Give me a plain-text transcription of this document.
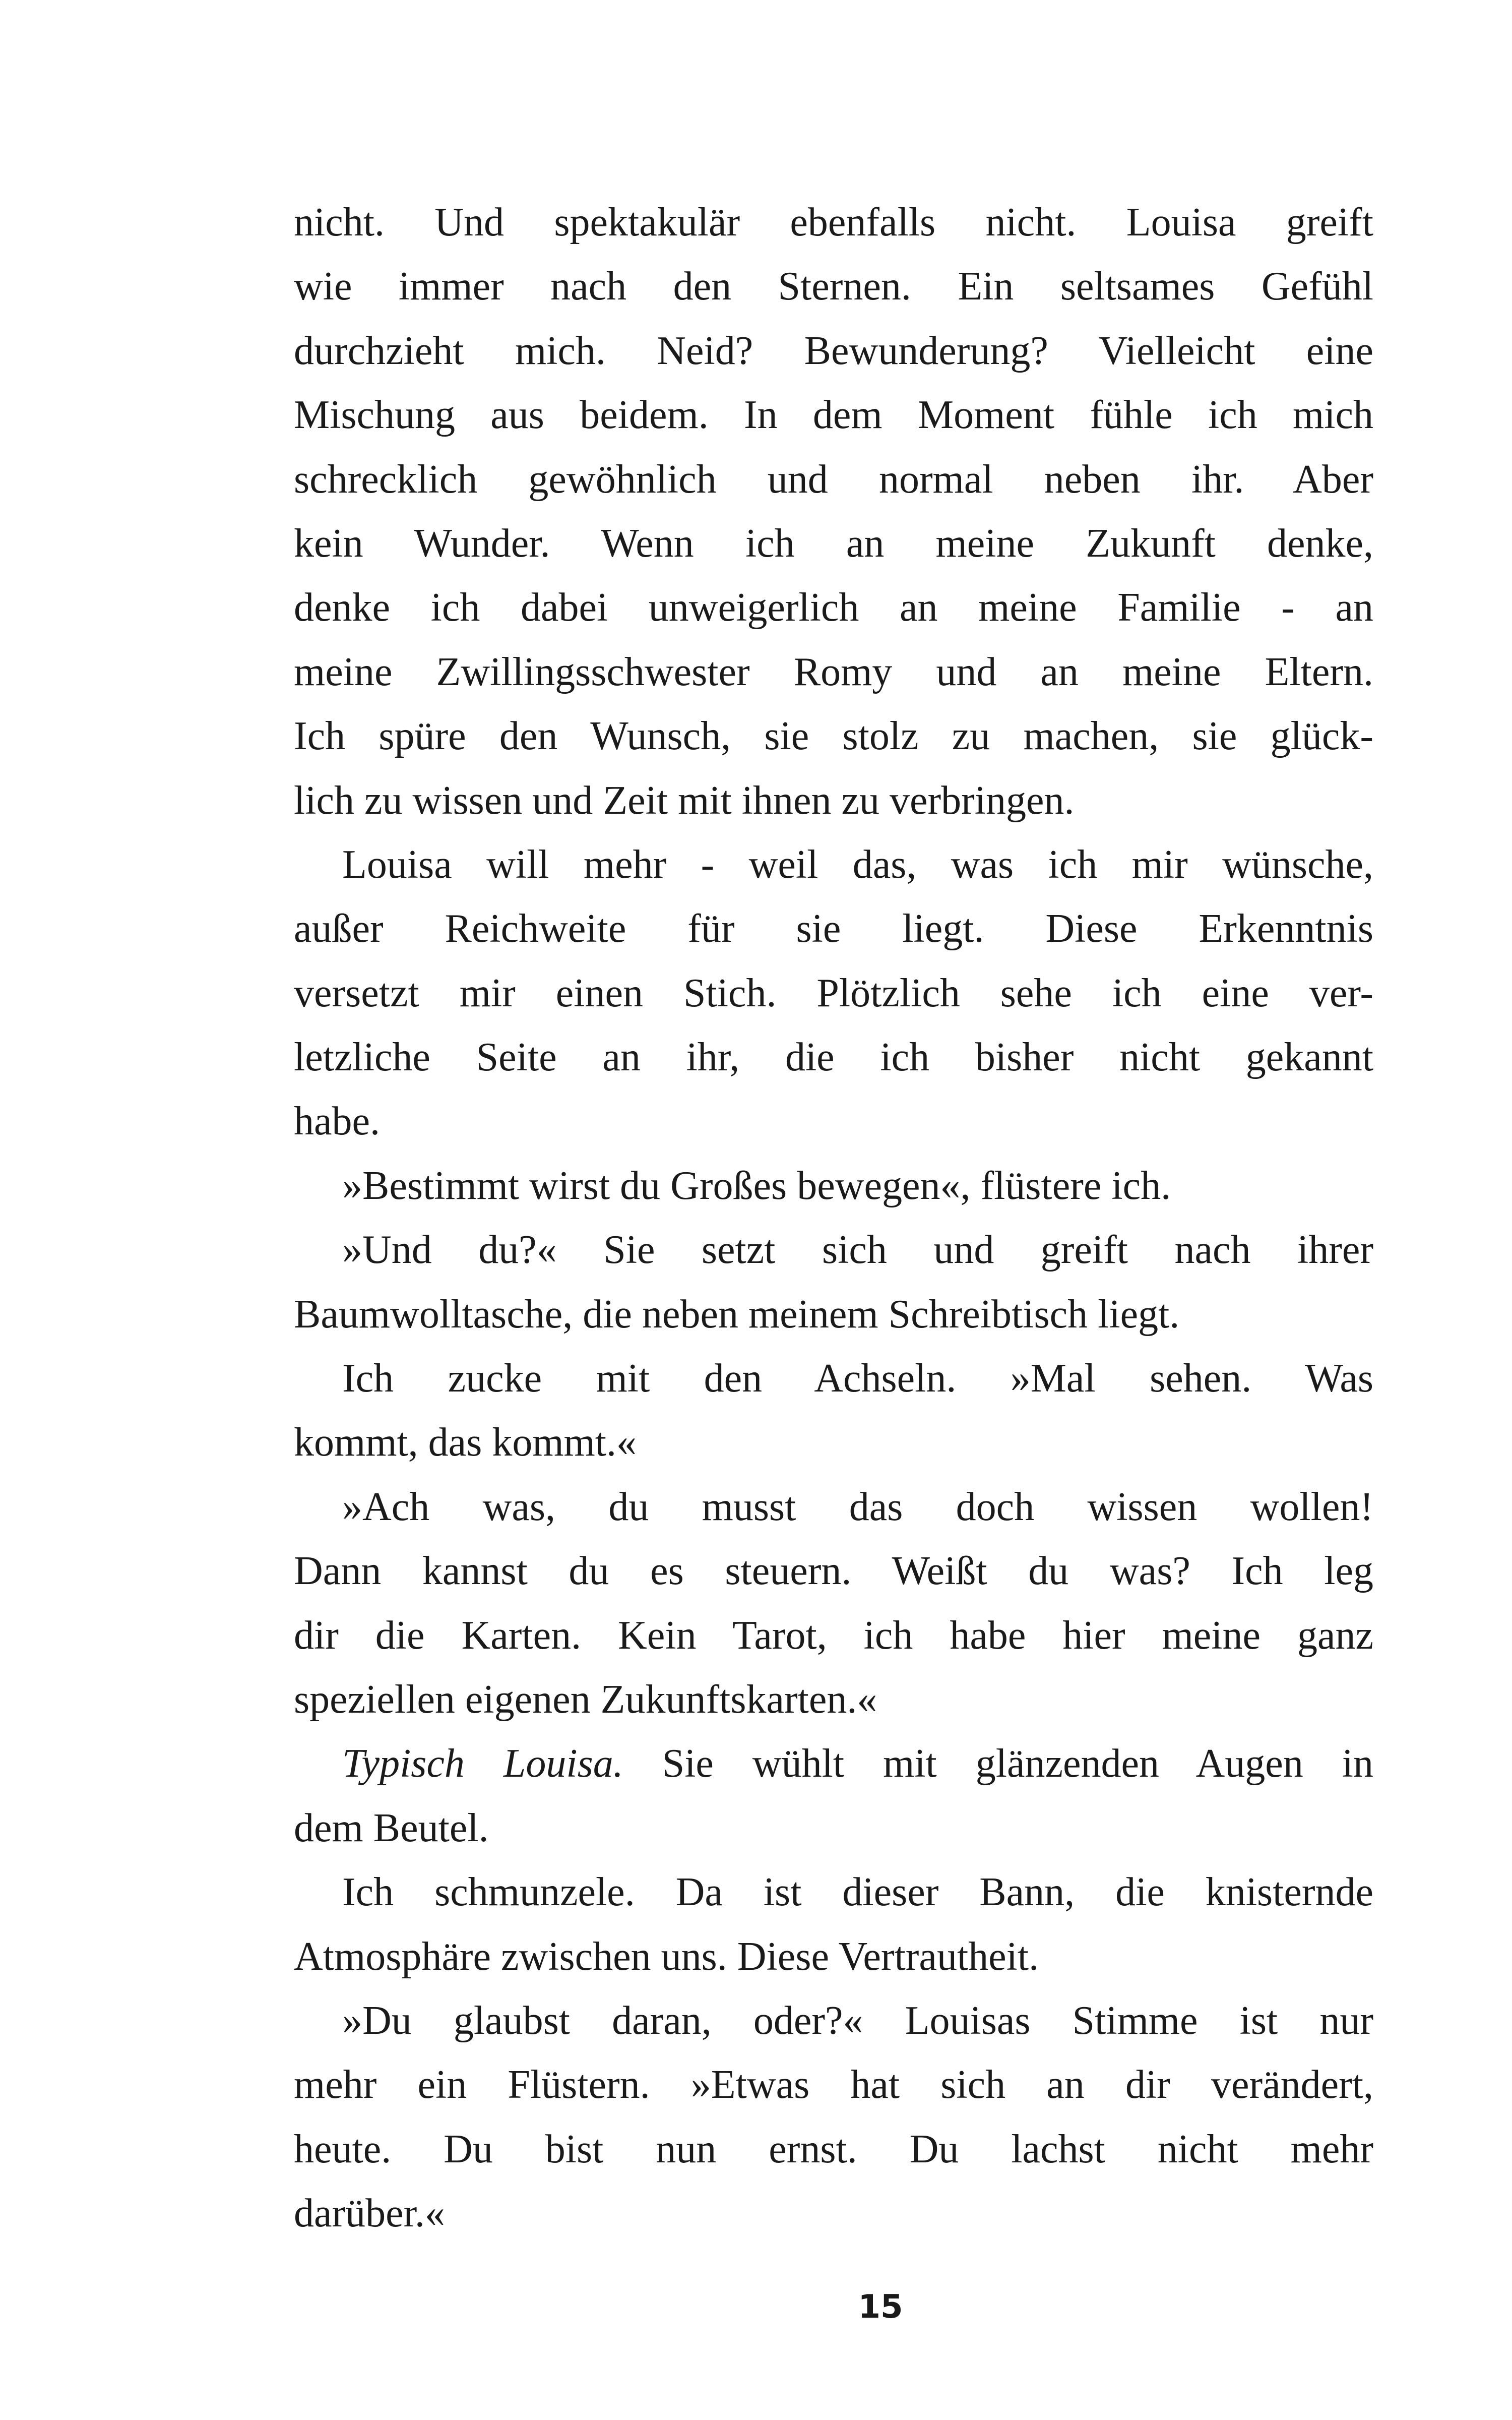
nicht. Und spektakulär ebenfalls nicht. Louisa greift
wie immer nach den Sternen. Ein seltsames Gefühl
durchzieht mich. Neid? Bewunderung? Vielleicht eine
Mischung aus beidem. In dem Moment fühle ich mich
schrecklich gewöhnlich und normal neben ihr. Aber
kein Wunder. Wenn ich an meine Zukunft denke,
denke ich dabei unweigerlich an meine Familie - an
meine Zwillingsschwester Romy und an meine Eltern.
Ich spüre den Wunsch, sie stolz zu machen, sie glück-
lich zu wissen und Zeit mit ihnen zu verbringen.
Louisa will mehr - weil das, was ich mir wünsche,
außer Reichweite für sie liegt. Diese Erkenntnis
versetzt mir einen Stich. Plötzlich sehe ich eine ver-
letzliche Seite an ihr, die ich bisher nicht gekannt
habe.
»Bestimmt wirst du Großes bewegen«, flüstere ich.
»Und du?« Sie setzt sich und greift nach ihrer
Baumwolltasche, die neben meinem Schreibtisch liegt.
Ich zucke mit den Achseln. »Mal sehen. Was
kommt, das kommt.«
»Ach was, du musst das doch wissen wollen!
Dann kannst du es steuern. Weißt du was? Ich leg
dir die Karten. Kein Tarot, ich habe hier meine ganz
speziellen eigenen Zukunftskarten.«
Typisch Louisa. Sie wühlt mit glänzenden Augen in
dem Beutel.
Ich schmunzele. Da ist dieser Bann, die knisternde
Atmosphäre zwischen uns. Diese Vertrautheit.
»Du glaubst daran, oder?« Louisas Stimme ist nur
mehr ein Flüstern. »Etwas hat sich an dir verändert,
heute. Du bist nun ernst. Du lachst nicht mehr
darüber.«
15
